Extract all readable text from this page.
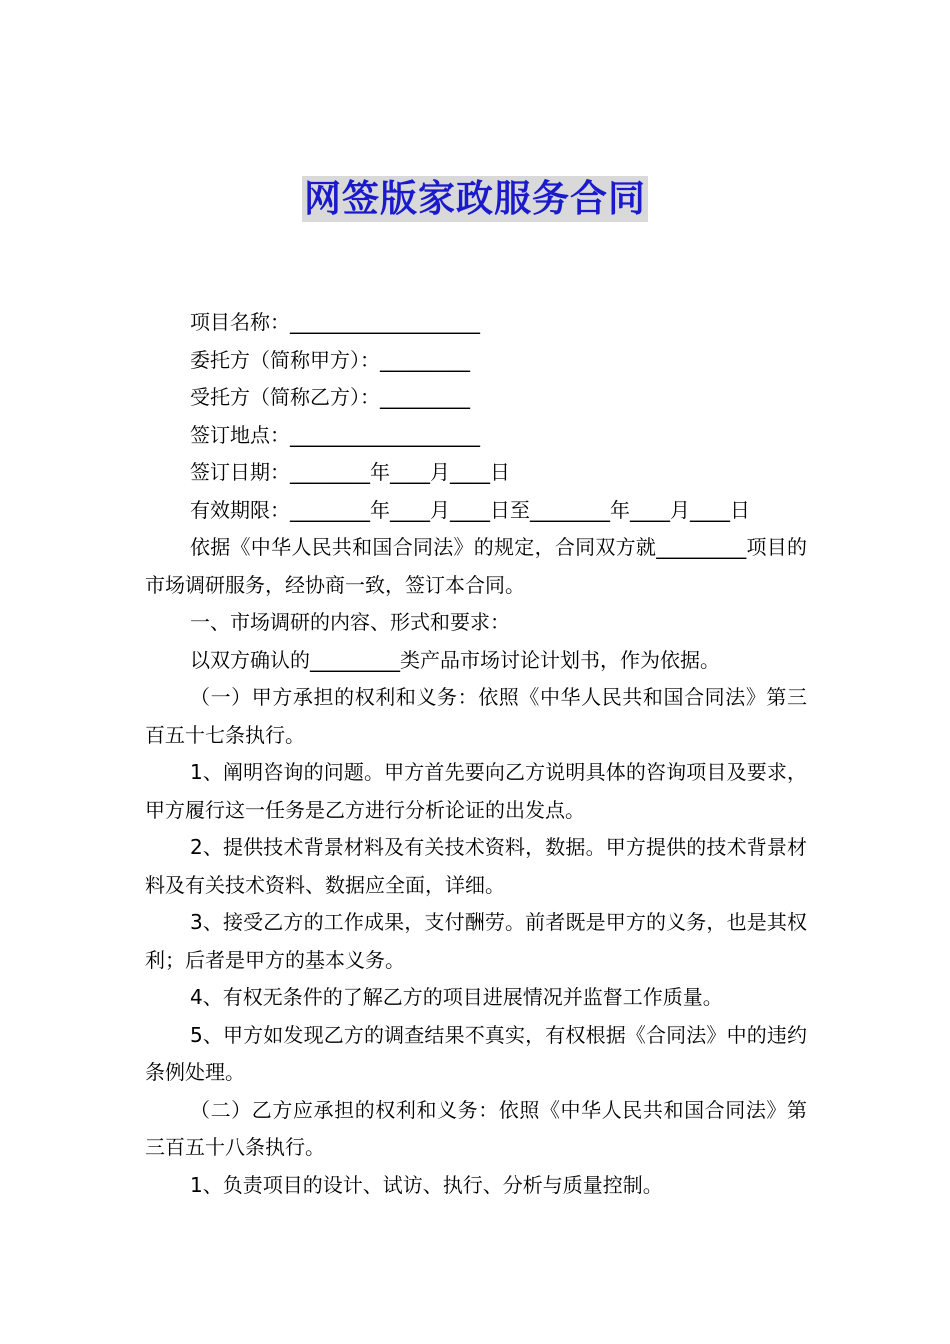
网签版家政服务合同

项目名称：___________________

委托方（简称甲方）：_________

受托方（简称乙方）：_________

签订地点：___________________

签订日期：________年____月____日

有效期限：________年____月____日至________年____月____日

依据《中华人民共和国合同法》的规定，合同双方就_________项目的市场调研服务，经协商一致，签订本合同。

一、市场调研的内容、形式和要求：

以双方确认的_________类产品市场讨论计划书，作为依据。

（一）甲方承担的权利和义务：依照《中华人民共和国合同法》第三百五十七条执行。

1、阐明咨询的问题。甲方首先要向乙方说明具体的咨询项目及要求，甲方履行这一任务是乙方进行分析论证的出发点。

2、提供技术背景材料及有关技术资料，数据。甲方提供的技术背景材料及有关技术资料、数据应全面，详细。

3、接受乙方的工作成果，支付酬劳。前者既是甲方的义务，也是其权利；后者是甲方的基本义务。

4、有权无条件的了解乙方的项目进展情况并监督工作质量。

5、甲方如发现乙方的调查结果不真实，有权根据《合同法》中的违约条例处理。

（二）乙方应承担的权利和义务：依照《中华人民共和国合同法》第三百五十八条执行。

1、负责项目的设计、试访、执行、分析与质量控制。
